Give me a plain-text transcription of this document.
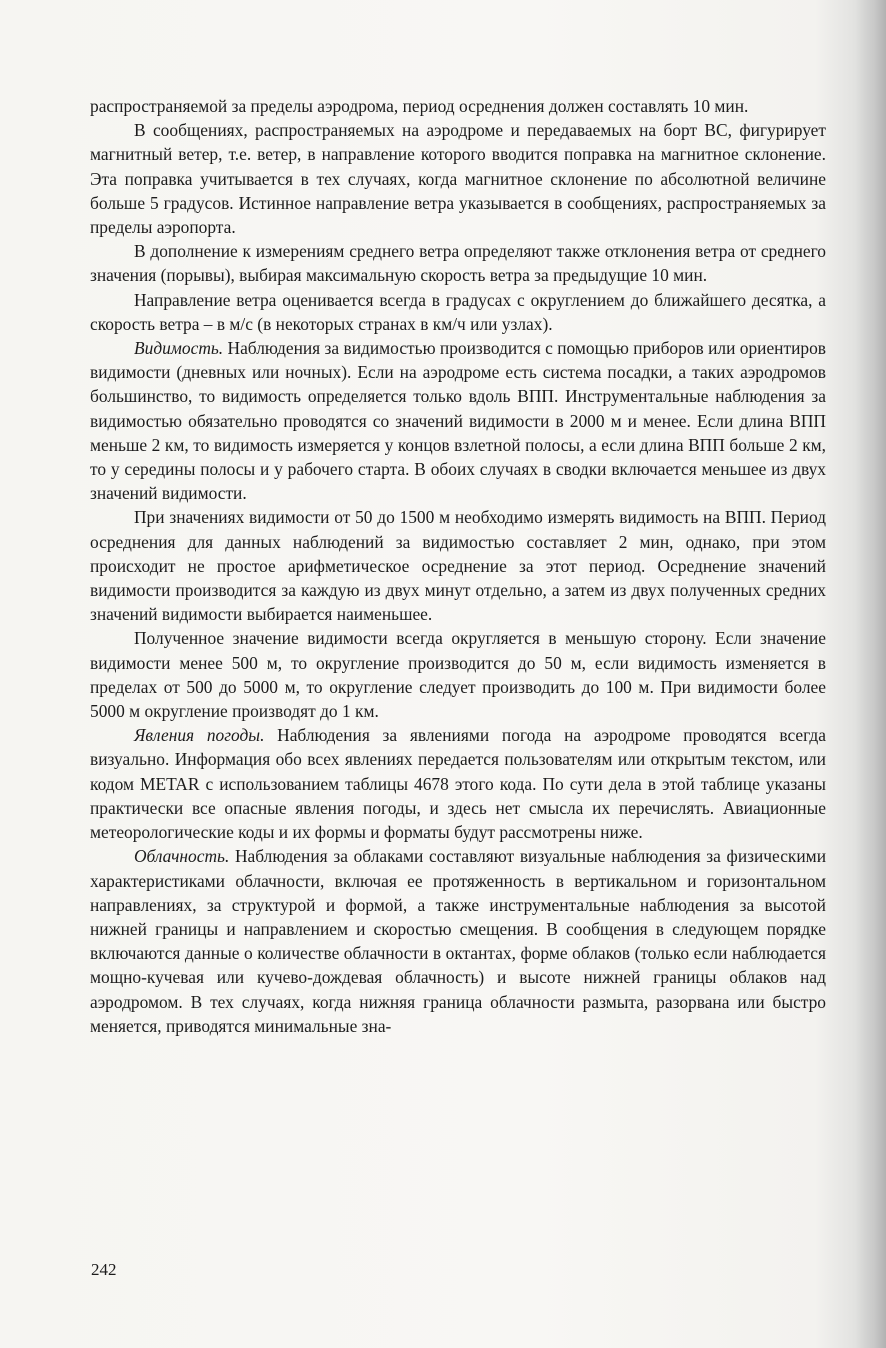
распространяемой за пределы аэродрома, период осреднения должен составлять 10 мин.

В сообщениях, распространяемых на аэродроме и передаваемых на борт ВС, фигурирует магнитный ветер, т.е. ветер, в направление которого вводится поправка на магнитное склонение. Эта поправка учитывается в тех случаях, когда магнитное склонение по абсолютной величине больше 5 градусов. Истинное направление ветра указывается в сообщениях, распространяемых за пределы аэропорта.

В дополнение к измерениям среднего ветра определяют также отклонения ветра от среднего значения (порывы), выбирая максимальную скорость ветра за предыдущие 10 мин.

Направление ветра оценивается всегда в градусах с округлением до ближайшего десятка, а скорость ветра – в м/с (в некоторых странах в км/ч или узлах).

Видимость. Наблюдения за видимостью производится с помощью приборов или ориентиров видимости (дневных или ночных). Если на аэродроме есть система посадки, а таких аэродромов большинство, то видимость определяется только вдоль ВПП. Инструментальные наблюдения за видимостью обязательно проводятся со значений видимости в 2000 м и менее. Если длина ВПП меньше 2 км, то видимость измеряется у концов взлетной полосы, а если длина ВПП больше 2 км, то у середины полосы и у рабочего старта. В обоих случаях в сводки включается меньшее из двух значений видимости.

При значениях видимости от 50 до 1500 м необходимо измерять видимость на ВПП. Период осреднения для данных наблюдений за видимостью составляет 2 мин, однако, при этом происходит не простое арифметическое осреднение за этот период. Осреднение значений видимости производится за каждую из двух минут отдельно, а затем из двух полученных средних значений видимости выбирается наименьшее.

Полученное значение видимости всегда округляется в меньшую сторону. Если значение видимости менее 500 м, то округление производится до 50 м, если видимость изменяется в пределах от 500 до 5000 м, то округление следует производить до 100 м. При видимости более 5000 м округление производят до 1 км.

Явления погоды. Наблюдения за явлениями погода на аэродроме проводятся всегда визуально. Информация обо всех явлениях передается пользователям или открытым текстом, или кодом METAR с использованием таблицы 4678 этого кода. По сути дела в этой таблице указаны практически все опасные явления погоды, и здесь нет смысла их перечислять. Авиационные метеорологические коды и их формы и форматы будут рассмотрены ниже.

Облачность. Наблюдения за облаками составляют визуальные наблюдения за физическими характеристиками облачности, включая ее протяженность в вертикальном и горизонтальном направлениях, за структурой и формой, а также инструментальные наблюдения за высотой нижней границы и направлением и скоростью смещения. В сообщения в следующем порядке включаются данные о количестве облачности в октантах, форме облаков (только если наблюдается мощно-кучевая или кучево-дождевая облачность) и высоте нижней границы облаков над аэродромом. В тех случаях, когда нижняя граница облачности размыта, разорвана или быстро меняется, приводятся минимальные зна-

242
